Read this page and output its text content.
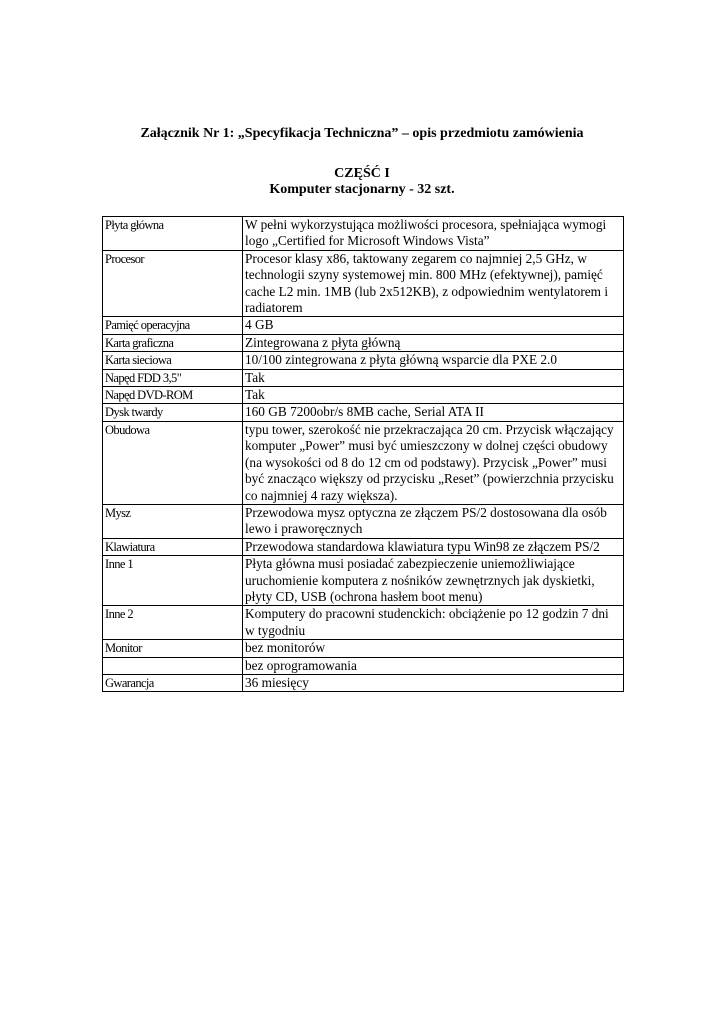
Załącznik Nr 1: „Specyfikacja Techniczna” – opis przedmiotu zamówienia
CZĘŚĆ I
Komputer stacjonarny - 32 szt.
Płyta główna	W pełni wykorzystująca możliwości procesora, spełniająca wymogi logo „Certified for Microsoft Windows Vista”
Procesor	Procesor klasy x86, taktowany zegarem co najmniej 2,5 GHz, w technologii szyny systemowej min. 800 MHz (efektywnej), pamięć cache L2 min. 1MB (lub 2x512KB), z odpowiednim wentylatorem i radiatorem
Pamięć operacyjna	4 GB
Karta graficzna	Zintegrowana z płyta główną
Karta sieciowa	10/100 zintegrowana z płyta główną wsparcie dla PXE 2.0
Napęd FDD 3,5"	Tak
Napęd DVD-ROM	Tak
Dysk twardy	160 GB 7200obr/s 8MB cache, Serial ATA II
Obudowa	typu tower, szerokość nie przekraczająca 20 cm. Przycisk włączający komputer „Power” musi być umieszczony w dolnej części obudowy (na wysokości od 8 do 12 cm od podstawy). Przycisk „Power” musi być znacząco większy od przycisku „Reset” (powierzchnia przycisku co najmniej 4 razy większa).
Mysz	Przewodowa mysz optyczna ze złączem PS/2 dostosowana dla osób lewo i praworęcznych
Klawiatura	Przewodowa standardowa klawiatura typu Win98 ze złączem PS/2
Inne 1	Płyta główna musi posiadać zabezpieczenie uniemożliwiające uruchomienie komputera z nośników zewnętrznych jak dyskietki, płyty CD, USB (ochrona hasłem boot menu)
Inne 2	Komputery do pracowni studenckich: obciążenie po 12 godzin 7 dni w tygodniu
Monitor	bez monitorów
	bez oprogramowania
Gwarancja	36 miesięcy
